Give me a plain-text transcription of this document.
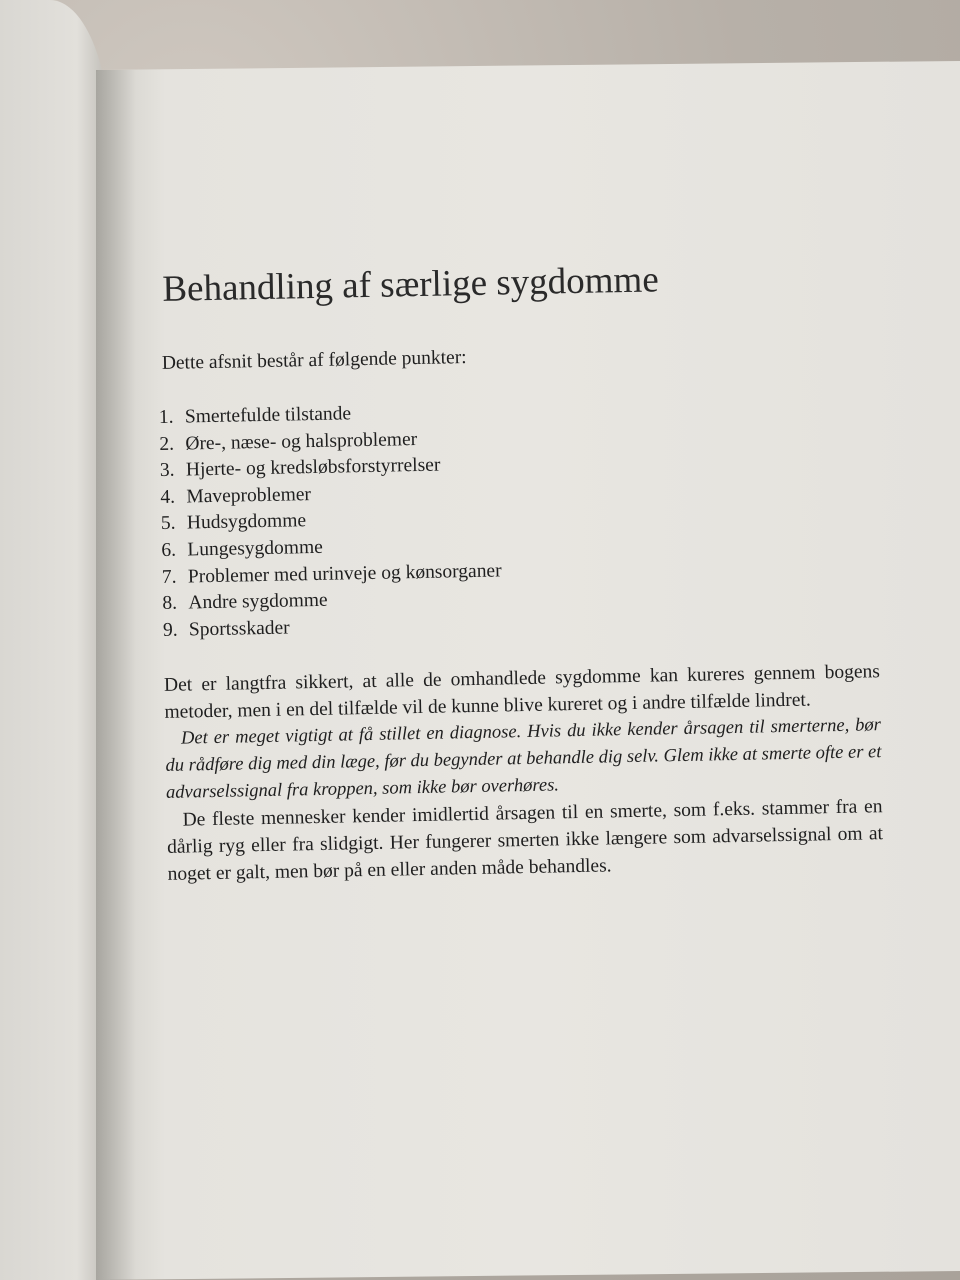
Behandling af særlige sygdomme

Dette afsnit består af følgende punkter:

1. Smertefulde tilstande
2. Øre-, næse- og halsproblemer
3. Hjerte- og kredsløbsforstyrrelser
4. Maveproblemer
5. Hudsygdomme
6. Lungesygdomme
7. Problemer med urinveje og kønsorganer
8. Andre sygdomme
9. Sportsskader

Det er langtfra sikkert, at alle de omhandlede sygdomme kan kureres gennem bogens metoder, men i en del tilfælde vil de kunne blive kureret og i andre tilfælde lindret.

Det er meget vigtigt at få stillet en diagnose. Hvis du ikke kender årsagen til smerterne, bør du rådføre dig med din læge, før du begynder at behandle dig selv. Glem ikke at smerte ofte er et advarselssignal fra kroppen, som ikke bør overhøres.

De fleste mennesker kender imidlertid årsagen til en smerte, som f.eks. stammer fra en dårlig ryg eller fra slidgigt. Her fungerer smerten ikke længere som advarselssignal om at noget er galt, men bør på en eller anden måde behandles.
